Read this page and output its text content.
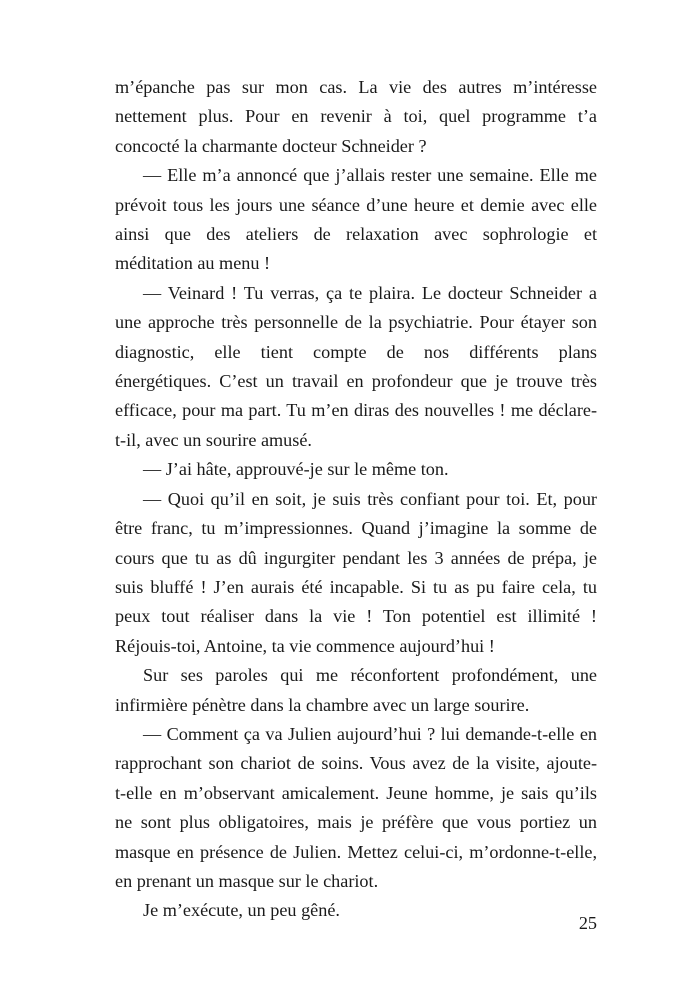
m’épanche pas sur mon cas. La vie des autres m’intéresse
nettement plus. Pour en revenir à toi, quel programme t’a
concocté la charmante docteur Schneider ?
— Elle m’a annoncé que j’allais rester une semaine. Elle me
prévoit tous les jours une séance d’une heure et demie avec elle
ainsi que des ateliers de relaxation avec sophrologie et
méditation au menu !
— Veinard ! Tu verras, ça te plaira. Le docteur Schneider a
une approche très personnelle de la psychiatrie. Pour étayer son
diagnostic, elle tient compte de nos différents plans
énergétiques. C’est un travail en profondeur que je trouve très
efficace, pour ma part. Tu m’en diras des nouvelles ! me déclare-
t-il, avec un sourire amusé.
— J’ai hâte, approuvé-je sur le même ton.
— Quoi qu’il en soit, je suis très confiant pour toi. Et, pour
être franc, tu m’impressionnes. Quand j’imagine la somme de
cours que tu as dû ingurgiter pendant les 3 années de prépa, je
suis bluffé ! J’en aurais été incapable. Si tu as pu faire cela, tu
peux tout réaliser dans la vie ! Ton potentiel est illimité !
Réjouis-toi, Antoine, ta vie commence aujourd’hui !
Sur ses paroles qui me réconfortent profondément, une
infirmière pénètre dans la chambre avec un large sourire.
— Comment ça va Julien aujourd’hui ? lui demande-t-elle en
rapprochant son chariot de soins. Vous avez de la visite, ajoute-
t-elle en m’observant amicalement. Jeune homme, je sais qu’ils
ne sont plus obligatoires, mais je préfère que vous portiez un
masque en présence de Julien. Mettez celui-ci, m’ordonne-t-elle,
en prenant un masque sur le chariot.
Je m’exécute, un peu gêné.
25
